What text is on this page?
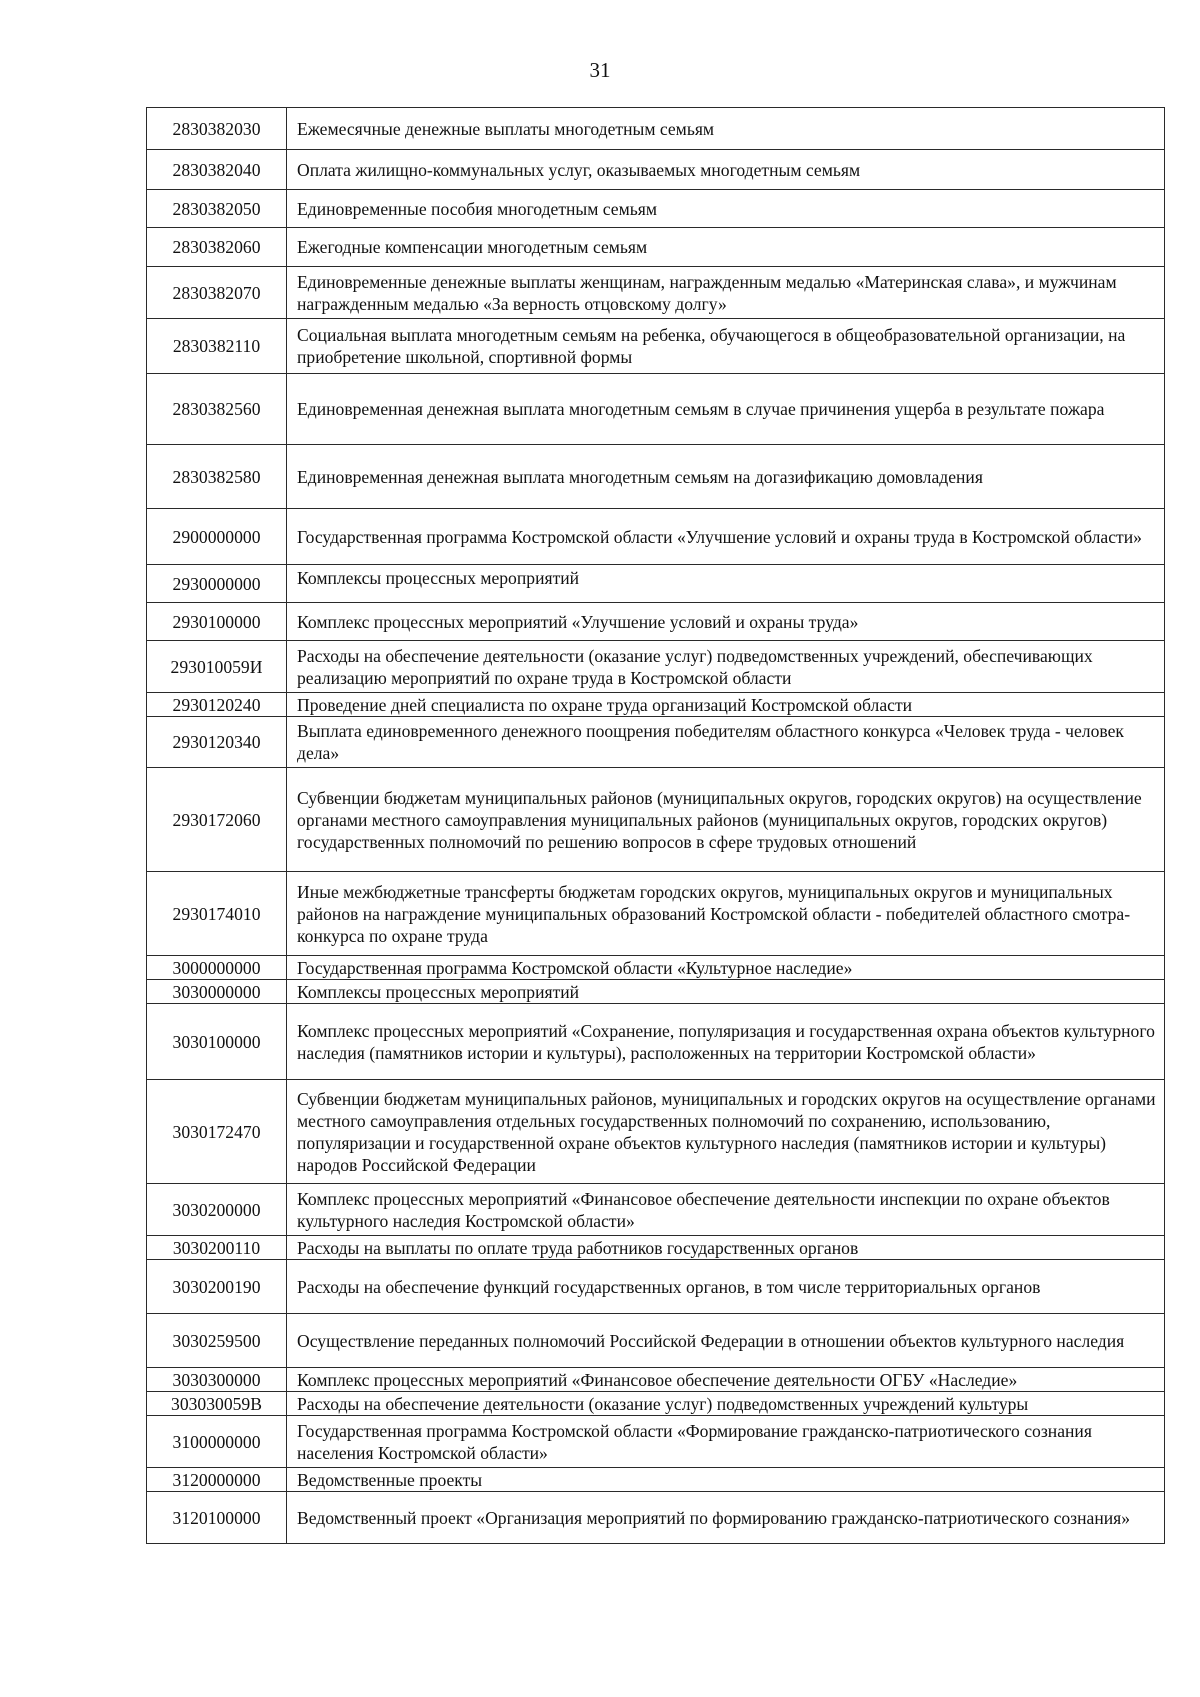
31
2830382030	Ежемесячные денежные выплаты многодетным семьям
2830382040	Оплата жилищно-коммунальных услуг, оказываемых многодетным семьям
2830382050	Единовременные пособия многодетным семьям
2830382060	Ежегодные компенсации многодетным семьям
2830382070	Единовременные денежные выплаты женщинам, награжденным медалью «Материнская слава», и мужчинам награжденным медалью «За верность отцовскому долгу»
2830382110	Социальная выплата многодетным семьям на ребенка, обучающегося в общеобразовательной организации, на приобретение школьной, спортивной формы
2830382560	Единовременная денежная выплата многодетным семьям в случае причинения ущерба в результате пожара
2830382580	Единовременная денежная выплата многодетным семьям на догазификацию домовладения
2900000000	Государственная программа Костромской области «Улучшение условий и охраны труда в Костромской области»
2930000000	Комплексы процессных мероприятий
2930100000	Комплекс процессных мероприятий «Улучшение условий и охраны труда»
293010059И	Расходы на обеспечение деятельности (оказание услуг) подведомственных учреждений, обеспечивающих реализацию мероприятий по охране труда в Костромской области
2930120240	Проведение дней специалиста по охране труда организаций Костромской области
2930120340	Выплата единовременного денежного поощрения победителям областного конкурса «Человек труда - человек дела»
2930172060	Субвенции бюджетам муниципальных районов (муниципальных округов, городских округов) на осуществление органами местного самоуправления муниципальных районов (муниципальных округов, городских округов) государственных полномочий по решению вопросов в сфере трудовых отношений
2930174010	Иные межбюджетные трансферты бюджетам городских округов, муниципальных округов и муниципальных районов на награждение муниципальных образований Костромской области - победителей областного смотра-конкурса по охране труда
3000000000	Государственная программа Костромской области «Культурное наследие»
3030000000	Комплексы процессных мероприятий
3030100000	Комплекс процессных мероприятий «Сохранение, популяризация и государственная охрана объектов культурного наследия (памятников истории и культуры), расположенных на территории Костромской области»
3030172470	Субвенции бюджетам муниципальных районов, муниципальных и городских округов на осуществление органами местного самоуправления отдельных государственных полномочий по сохранению, использованию, популяризации и государственной охране объектов культурного наследия (памятников истории и культуры) народов Российской Федерации
3030200000	Комплекс процессных мероприятий «Финансовое обеспечение деятельности инспекции по охране объектов культурного наследия Костромской области»
3030200110	Расходы на выплаты по оплате труда работников государственных органов
3030200190	Расходы на обеспечение функций государственных органов, в том числе территориальных органов
3030259500	Осуществление переданных полномочий Российской Федерации в отношении объектов культурного наследия
3030300000	Комплекс процессных мероприятий «Финансовое обеспечение деятельности ОГБУ «Наследие»
303030059В	Расходы на обеспечение деятельности (оказание услуг) подведомственных учреждений культуры
3100000000	Государственная программа Костромской области «Формирование гражданско-патриотического сознания населения Костромской области»
3120000000	Ведомственные проекты
3120100000	Ведомственный проект «Организация мероприятий по формированию гражданско-патриотического сознания»
